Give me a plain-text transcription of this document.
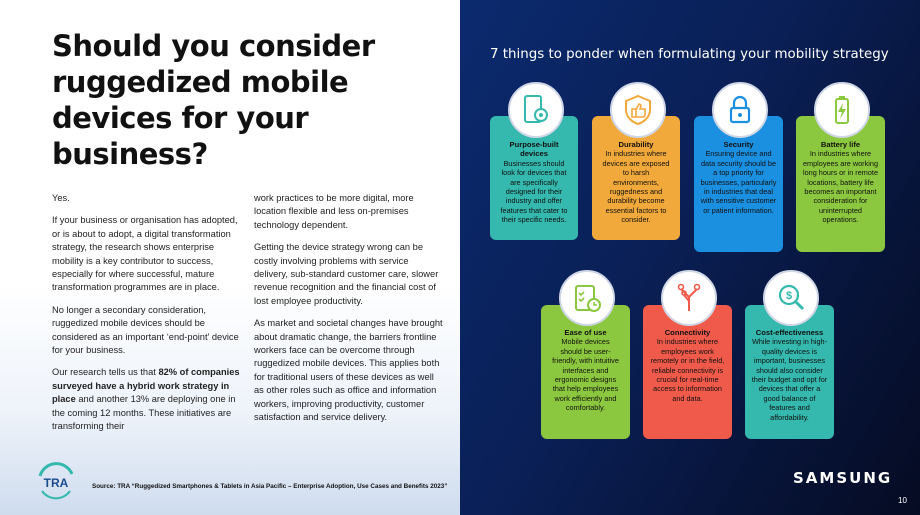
Should you consider ruggedized mobile devices for your business?

Yes.

If your business or organisation has adopted, or is about to adopt, a digital transformation strategy, the research shows enterprise mobility is a key contributor to success, especially for where successful, mature transformation programmes are in place.

No longer a secondary consideration, ruggedized mobile devices should be considered as an important ‘end-point’ device for your business.

Our research tells us that 82% of companies surveyed have a hybrid work strategy in place and another 13% are deploying one in the coming 12 months. These initiatives are transforming their

work practices to be more digital, more location flexible and less on-premises technology dependent.

Getting the device strategy wrong can be costly involving problems with service delivery, sub-standard customer care, slower revenue recognition and the financial cost of lost employee productivity.

As market and societal changes have brought about dramatic change, the barriers frontline workers face can be overcome through ruggedized mobile devices. This applies both for traditional users of these devices as well as other roles such as office and information workers, improving productivity, customer satisfaction and service delivery.

TRA	Source: TRA “Ruggedized Smartphones & Tablets in Asia Pacific – Enterprise Adoption, Use Cases and Benefits 2023”
7 things to ponder when formulating your mobility strategy
Purpose-built devices
Businesses should look for devices that are specifically designed for their industry and offer features that cater to their specific needs.
Durability
In industries where devices are exposed to harsh environments, ruggedness and durability become essential factors to consider.
Security
Ensuring device and data security should be a top priority for businesses, particularly in industries that deal with sensitive customer or patient information.
Battery life
In industries where employees are working long hours or in remote locations, battery life becomes an important consideration for uninterrupted operations.
Ease of use
Mobile devices should be user-friendly, with intuitive interfaces and ergonomic designs that help employees work efficiently and comfortably.
Connectivity
In industries where employees work remotely or in the field, reliable connectivity is crucial for real-time access to information and data.
Cost-effectiveness
While investing in high-quality devices is important, businesses should also consider their budget and opt for devices that offer a good balance of features and affordability.
$
SAMSUNG
10
